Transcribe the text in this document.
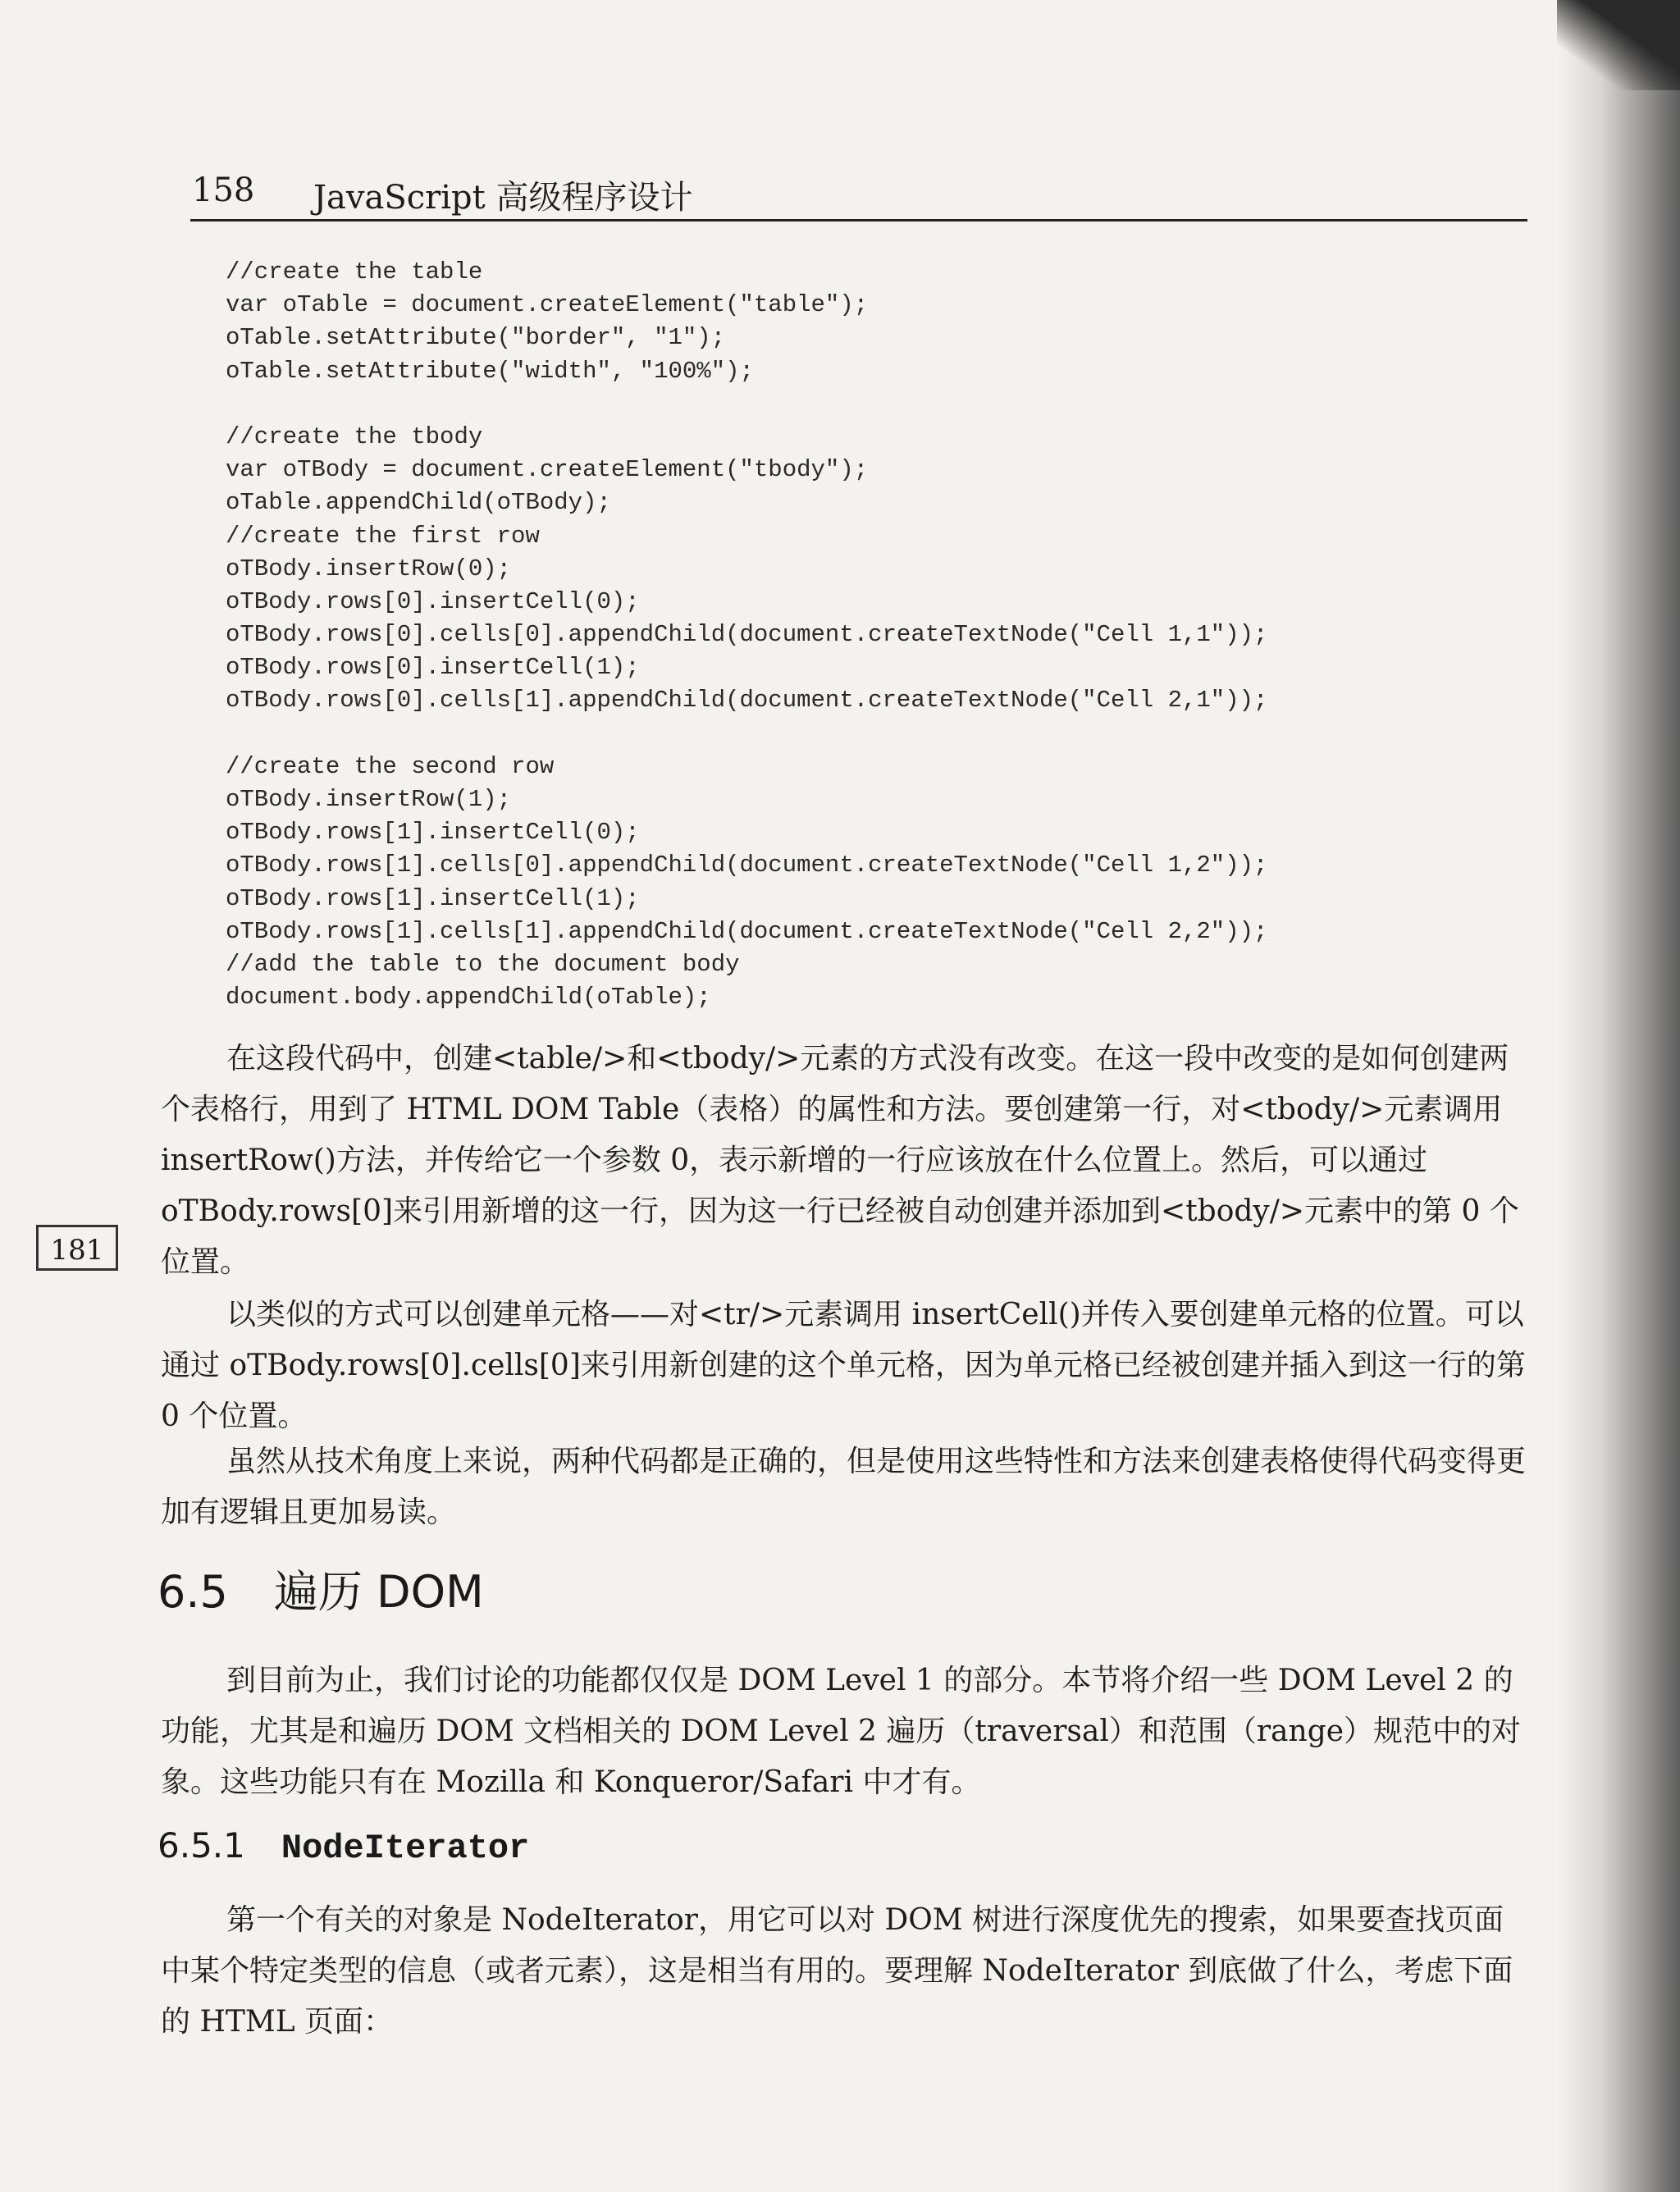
158 JavaScript 高级程序设计
//create the table
var oTable = document.createElement("table");
oTable.setAttribute("border", "1");
oTable.setAttribute("width", "100%");
//create the tbody
var oTBody = document.createElement("tbody");
oTable.appendChild(oTBody);
//create the first row
oTBody.insertRow(0);
oTBody.rows[0].insertCell(0);
oTBody.rows[0].cells[0].appendChild(document.createTextNode("Cell 1,1"));
oTBody.rows[0].insertCell(1);
oTBody.rows[0].cells[1].appendChild(document.createTextNode("Cell 2,1"));
//create the second row
oTBody.insertRow(1);
oTBody.rows[1].insertCell(0);
oTBody.rows[1].cells[0].appendChild(document.createTextNode("Cell 1,2"));
oTBody.rows[1].insertCell(1);
oTBody.rows[1].cells[1].appendChild(document.createTextNode("Cell 2,2"));
//add the table to the document body
document.body.appendChild(oTable);

在这段代码中，创建<table/>和<tbody/>元素的方式没有改变。在这一段中改变的是如何创建两个表格行，用到了 HTML DOM Table（表格）的属性和方法。要创建第一行，对<tbody/>元素调用 insertRow()方法，并传给它一个参数 0，表示新增的一行应该放在什么位置上。然后，可以通过 oTBody.rows[0]来引用新增的这一行，因为这一行已经被自动创建并添加到<tbody/>元素中的第 0 个位置。

181

以类似的方式可以创建单元格——对<tr/>元素调用 insertCell()并传入要创建单元格的位置。可以通过 oTBody.rows[0].cells[0]来引用新创建的这个单元格，因为单元格已经被创建并插入到这一行的第 0 个位置。

虽然从技术角度上来说，两种代码都是正确的，但是使用这些特性和方法来创建表格使得代码变得更加有逻辑且更加易读。

6.5 遍历 DOM

到目前为止，我们讨论的功能都仅仅是 DOM Level 1 的部分。本节将介绍一些 DOM Level 2 的功能，尤其是和遍历 DOM 文档相关的 DOM Level 2 遍历（traversal）和范围（range）规范中的对象。这些功能只有在 Mozilla 和 Konqueror/Safari 中才有。

6.5.1 NodeIterator

第一个有关的对象是 NodeIterator，用它可以对 DOM 树进行深度优先的搜索，如果要查找页面中某个特定类型的信息（或者元素），这是相当有用的。要理解 NodeIterator 到底做了什么，考虑下面的 HTML 页面：
